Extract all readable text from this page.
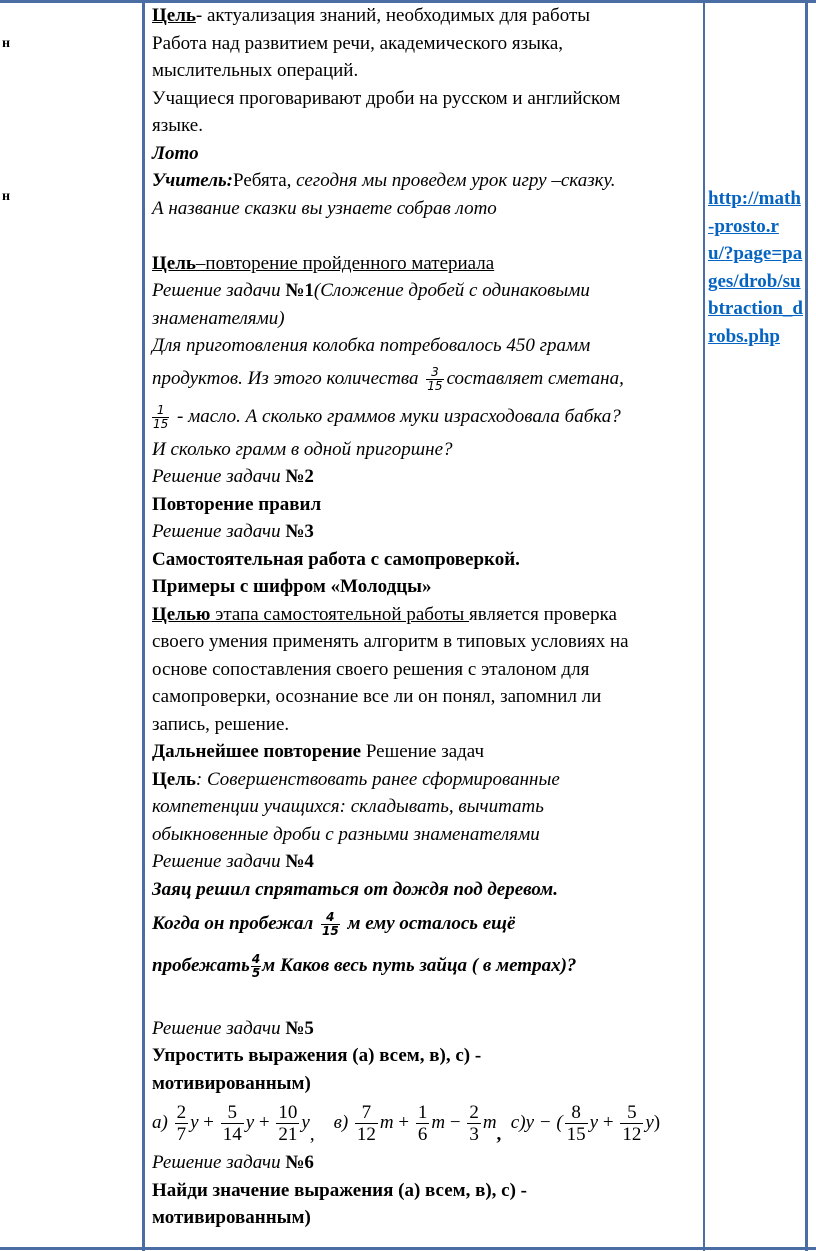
н
н

Цель- актуализация знаний, необходимых для работы

Работа над развитием речи, академического языка,

мыслительных операций.

Учащиеся проговаривают дроби на русском и английском

языке.

Лото

Учитель:Ребята, сегодня мы проведем урок игру –сказку.

А название сказки вы узнаете собрав лото

Цель–повторение пройденного материала

Решение задачи №1(Сложение дробей с одинаковыми

знаменателями)

Для приготовления колобка потребовалось 450 грамм

продуктов. Из этого количества $\frac{3}{15}$ составляет сметана,

$\frac{1}{15}$ - масло. А сколько граммов муки израсходовала бабка?

И сколько грамм в одной пригоршне?

Решение задачи №2

Повторение правил

Решение задачи №3

Самостоятельная работа с самопроверкой.

Примеры с шифром «Молодцы»

Целью этапа самостоятельной работы является проверка

своего умения применять алгоритм в типовых условиях на

основе сопоставления своего решения с эталоном для

самопроверки, осознание все ли он понял, запомнил ли

запись, решение.

Дальнейшее повторение Решение задач

Цель: Совершенствовать ранее сформированные

компетенции учащихся: складывать, вычитать

обыкновенные дроби с разными знаменателями

Решение задачи №4

Заяц решил спрятаться от дождя под деревом.

Когда он пробежал $\frac{4}{15}$ м ему осталось ещё

пробежать $\frac{4}{5}$ м Каков весь путь зайца ( в метрах)?

Решение задачи №5

Упростить выражения (а) всем, в), с) -

мотивированным)

$а) \frac{2}{7}$ $y + \frac{5}{14}$ $y + \frac{10}{21} y$,    $в) \frac{7}{12}$ $m + \frac{1}{6}$ $m - \frac{2}{3} m$,  с)y − ( $\frac{8}{15}$ $y + \frac{5}{12} y$)

Решение задачи №6

Найди значение выражения (а) всем, в), с) -

мотивированным)

http://math-prosto.ru/?page=pages/drob/subtraction_drobs.php
